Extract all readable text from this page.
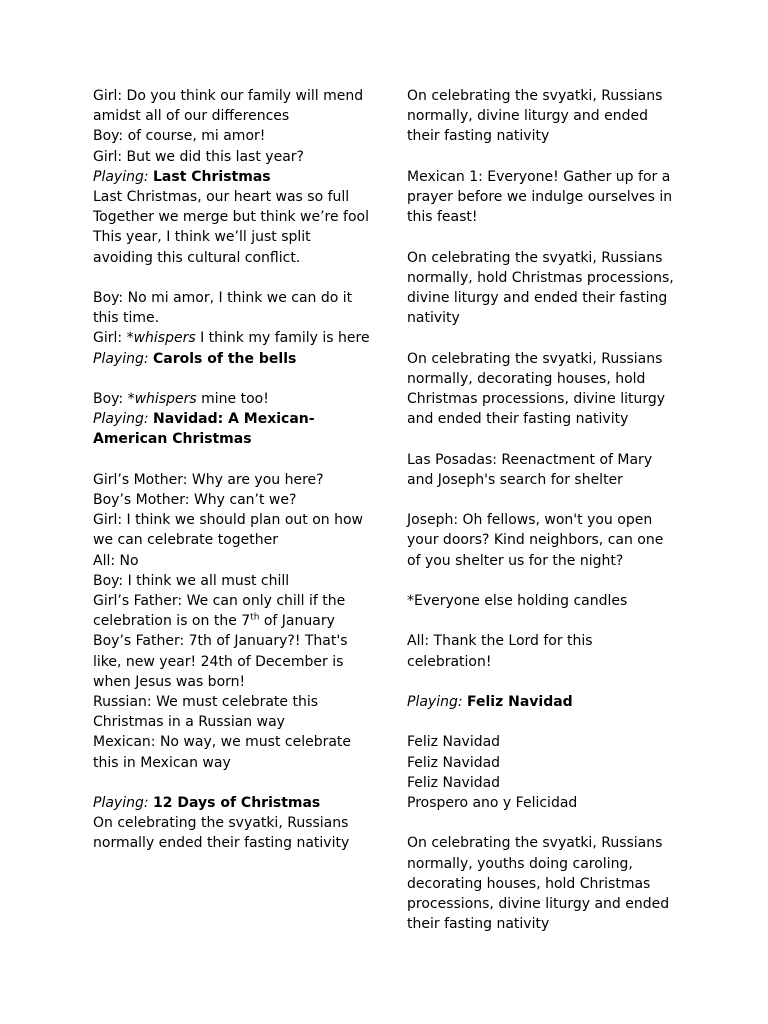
Girl: Do you think our family will mend amidst all of our differences
Boy: of course, mi amor!
Girl: But we did this last year?
Playing: Last Christmas
Last Christmas, our heart was so full
Together we merge but think we’re fool
This year, I think we’ll just split avoiding this cultural conflict.
Boy: No mi amor, I think we can do it this time.
Girl: *whispers I think my family is here
Playing: Carols of the bells
Boy: *whispers mine too!
Playing: Navidad: A Mexican-American Christmas
Girl’s Mother: Why are you here?
Boy’s Mother: Why can’t we?
Girl: I think we should plan out on how we can celebrate together
All: No
Boy: I think we all must chill
Girl’s Father: We can only chill if the celebration is on the 7th of January
Boy’s Father: 7th of January?! That's like, new year! 24th of December is when Jesus was born!
Russian: We must celebrate this Christmas in a Russian way
Mexican: No way, we must celebrate this in Mexican way
Playing: 12 Days of Christmas
On celebrating the svyatki, Russians normally ended their fasting nativity
On celebrating the svyatki, Russians normally, divine liturgy and ended their fasting nativity
Mexican 1: Everyone! Gather up for a prayer before we indulge ourselves in this feast!
On celebrating the svyatki, Russians normally, hold Christmas processions, divine liturgy and ended their fasting nativity
On celebrating the svyatki, Russians normally, decorating houses, hold Christmas processions, divine liturgy and ended their fasting nativity
Las Posadas: Reenactment of Mary and Joseph's search for shelter
Joseph: Oh fellows, won't you open your doors? Kind neighbors, can one of you shelter us for the night?
*Everyone else holding candles
All: Thank the Lord for this celebration!
Playing: Feliz Navidad
Feliz Navidad
Feliz Navidad
Feliz Navidad
Prospero ano y Felicidad
On celebrating the svyatki, Russians normally, youths doing caroling, decorating houses, hold Christmas processions, divine liturgy and ended their fasting nativity
